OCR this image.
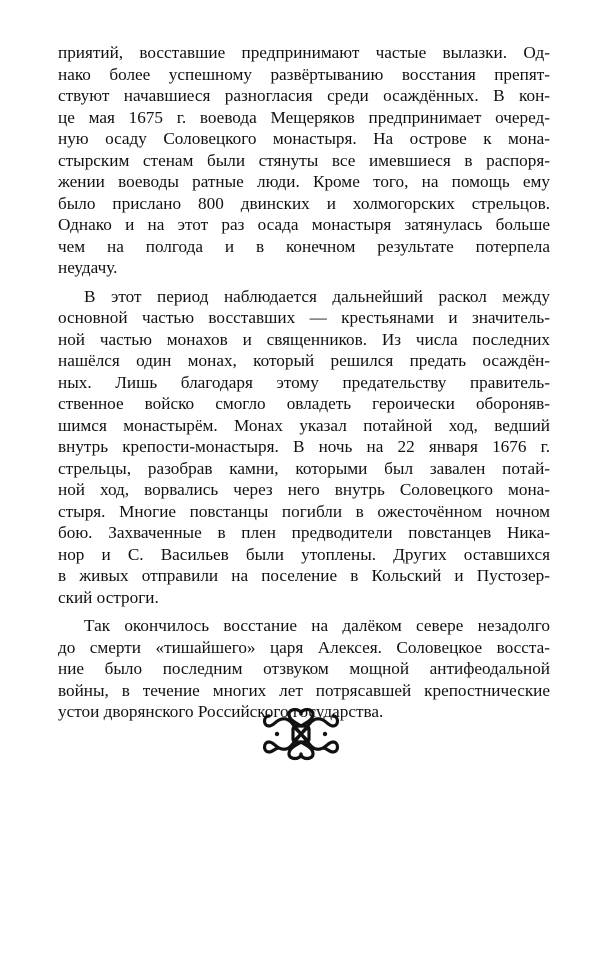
приятий, восставшие предпринимают частые вылазки. Од-
нако более успешному развёртыванию восстания препят-
ствуют начавшиеся разногласия среди осаждённых. В кон-
це мая 1675 г. воевода Мещеряков предпринимает очеред-
ную осаду Соловецкого монастыря. На острове к мона-
стырским стенам были стянуты все имевшиеся в распоря-
жении воеводы ратные люди. Кроме того, на помощь ему
было прислано 800 двинских и холмогорских стрельцов.
Однако и на этот раз осада монастыря затянулась больше
чем на полгода и в конечном результате потерпела
неудачу.
В этот период наблюдается дальнейший раскол между
основной частью восставших — крестьянами и значитель-
ной частью монахов и священников. Из числа последних
нашёлся один монах, который решился предать осаждён-
ных. Лишь благодаря этому предательству правитель-
ственное войско смогло овладеть героически обороняв-
шимся монастырём. Монах указал потайной ход, ведший
внутрь крепости-монастыря. В ночь на 22 января 1676 г.
стрельцы, разобрав камни, которыми был завален потай-
ной ход, ворвались через него внутрь Соловецкого мона-
стыря. Многие повстанцы погибли в ожесточённом ночном
бою. Захваченные в плен предводители повстанцев Ника-
нор и С. Васильев были утоплены. Других оставшихся
в живых отправили на поселение в Кольский и Пустозер-
ский остроги.
Так окончилось восстание на далёком севере незадолго
до смерти «тишайшего» царя Алексея. Соловецкое восста-
ние было последним отзвуком мощной антифеодальной
войны, в течение многих лет потрясавшей крепостнические
устои дворянского Российского государства.
